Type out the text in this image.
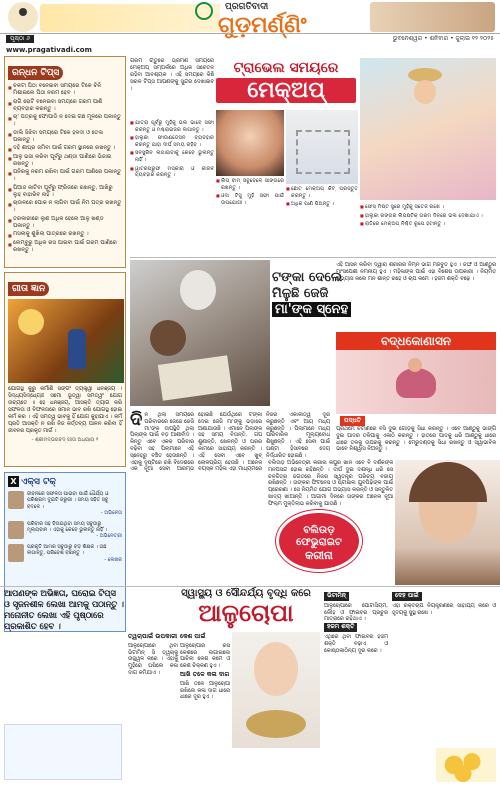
ପ୍ରଗତିବାଦୀ
ଗୁଡ଼ମର୍ଣ୍ଣିଂ
ପୃଷ୍ଠା ୬	ଭୁବନେଶ୍ୱର • ଶନିବାର • ଜୁଲାଇ ୧୨ ୨୦୨୫
www.pragativadi.com
ରନ୍ଧନ ଟିପ୍ସ
■ ଚକଟା ପିଠା ବନେଇବା ସମୟରେ ଟିକେ ଚିନି ମିଶାଇଲେ ପିଠା ନରମ ହେବ ।
■ ରାଗି ରୋଟି ବନେଇବା ସମୟରେ ଗରମ ପାଣି ବ୍ୟବହାର କରନ୍ତୁ ।
■ ଚା' ପତ୍ରକୁ ଫୋପାଡି ନ ଦେଇ ଗଛ ମୂଳରେ ପକାନ୍ତୁ ।
■ ଡାଲି ସିଝିବା ସମୟରେ ଟିକେ ହଳଦୀ ଓ ତେଲ ପକାନ୍ତୁ ।
■ ଦହି ଶୀଘ୍ର ଜମିବା ପାଇଁ ଗରମ ସ୍ଥାନରେ ରଖନ୍ତୁ ।
■ ଆଳୁ ଭଜା କରିବା ପୂର୍ବରୁ ଥଣ୍ଡା ପାଣିରେ ଭିଜାଇ ରଖନ୍ତୁ ।
■ ପନିରକୁ ନରମ ରଖିବା ପାଇଁ ଗରମ ପାଣିରେ ପକାନ୍ତୁ ।
■ ପିଆଜ କାଟିବା ପୂର୍ବରୁ ଫ୍ରିଜରେ ରଖନ୍ତୁ, ଆଖିରୁ ଲୁହ ବାହାରିବ ନାହିଁ ।
■ ଚାଉଳରେ ପୋକ ନ ଲାଗିବା ପାଇଁ ନିମ ପତ୍ର ରଖନ୍ତୁ ।
■ ତରକାରୀରେ ଲୁଣ ଅଧିକ ହେଲେ ଆଳୁ ଖଣ୍ଡ ପକାନ୍ତୁ ।
■ ମସଲାକୁ ଶୁଖିଲା ପାତ୍ରରେ ରଖନ୍ତୁ ।
■ ଲେମ୍ବୁରୁ ଅଧିକ ରସ ପାଇବା ପାଇଁ ଗରମ ପାଣିରେ ରଖନ୍ତୁ ।
ଗୀତା ଜ୍ଞାନ
ଯୋଗସ୍ଥ କୁରୁ କର୍ମାଣି ସଙ୍ଗଂ ତ୍ୟକ୍ତ୍ୱା ଧନଞ୍ଜୟ । ସିଦ୍ଧ୍ୟସିଦ୍ଧ୍ୟୋଃ ସମୋ ଭୂତ୍ୱା ସମତ୍ୱଂ ଯୋଗ ଉଚ୍ୟତେ ॥ ହେ ଧନଞ୍ଜୟ, ଆସକ୍ତି ତ୍ୟାଗ କରି ସଫଳତା ଓ ବିଫଳତାରେ ସମାନ ଭାବ ରଖି ଯୋଗସ୍ଥ ହୋଇ କର୍ମ କର । ଏହି ସମତ୍ୱ ଭାବକୁ ହିଁ ଯୋଗ କୁହାଯାଏ । କର୍ମ ପ୍ରତି ଆସକ୍ତି ନ ରଖି ନିଜ କର୍ତ୍ତବ୍ୟ ପାଳନ କରିବା ହିଁ ଜୀବନର ପ୍ରକୃତ ମାର୍ଗ ।
- ଶ୍ରୀମଦ୍ଭଗବଦ୍ ଗୀତା ଅଧ୍ୟାୟ ୨
X ଏକ୍ସ ଟକ୍
ଜୀବନରେ ସଫଳତା ପାଇବା ପାଇଁ ଧୈର୍ଯ୍ୟ ଓ ପରିଶ୍ରମ ଦୁଇଟି ଜରୁରୀ । ସମୟ ସହିତ ସବୁ ବଦଳେ ।
- ଅଭିନେତା
ପରିବାର ସହ ବିତାଇଥିବା ସମୟ ସବୁଠାରୁ ମୂଲ୍ୟବାନ । ଏହାକୁ କେବେ ଭୁଲନ୍ତୁ ନାହିଁ ।
- ଅଭିନେତ୍ରୀ
ପ୍ରକୃତି ଆମର ସବୁଠାରୁ ବଡ଼ ଶିକ୍ଷକ । ଗଛ ଲଗାନ୍ତୁ, ପରିବେଶ ବଞ୍ଚାନ୍ତୁ ।
- ଲେଖକ
ଗରମ ଋତୁରେ ଭ୍ରମଣ ସମୟରେ ମେକ୍ଅପ୍ ସମ୍ପର୍କରେ ଅଧିକ ସଚେତନ ରହିବା ଆବଶ୍ୟକ । ଏହି ସମୟରେ କିଛି ସରଳ ଟିପ୍ସ ଆପଣଙ୍କୁ ସୁନ୍ଦର ଦେଖାଇବ ।
ଟ୍ରାଭେଲ ସମୟରେ
ମେକ୍ଅପ୍
■ ଯାତ୍ରା ପୂର୍ବରୁ ମୁହଁକୁ ଭଲ ଭାବେ ସଫା କରନ୍ତୁ ଓ ମଶ୍ଚରାଇଜର ଲଗାନ୍ତୁ ।
■ ହାଲୁକା ଫାଉଣ୍ଡେସନ ବ୍ୟବହାର କରନ୍ତୁ ଯାହା ଦୀର୍ଘ ସମୟ ରହିବ ।
■ ସନସ୍କ୍ରିନ ଲଗାଇବାକୁ କେବେ ଭୁଲନ୍ତୁ ନାହିଁ ।
■ ୱାଟରପ୍ରୁଫ ମସ୍କାରା ଓ କାଜଳ ବ୍ୟବହାର କରନ୍ତୁ ।
■ ଲିପ୍ ବାମ୍ ସବୁବେଳେ ସାଙ୍ଗରେ ରଖନ୍ତୁ ।
■ ଓଦା ଟିସୁ ମୁହଁ ସଫା ପାଇଁ ଉପଯୋଗୀ ।
■ ଛୋଟ ମେକ୍ଅପ୍ କିଟ୍ ପ୍ରସ୍ତୁତ କରନ୍ତୁ ।
■ ଅଧିକ ପାଣି ପିଅନ୍ତୁ ।
■	ଫେସ୍ ମିଷ୍ଟ ସ୍ପ୍ରେ ମୁହଁକୁ ସତେଜ ରଖେ ।
■ ହାଲୁକା ରଙ୍ଗର ଲିପଷ୍ଟିକ୍ ଗରମ ଦିନରେ ଭଲ ଦେଖାଯାଏ ।
■ ରାତିରେ ମେକ୍ଅପ୍ ନିଶ୍ଚିତ ରୂପେ ହଟାନ୍ତୁ ।
ଟଙ୍କା ଦେଲେ
ମିଳୁଛି ଜେଜି
ମା'ଙ୍କ ସ୍ନେହ
ଦିନ ଥିଲା ସମୟରେ ପରିବାରରେ ଜେଜେ ଜେଜି ମା'ଙ୍କ ଉପସ୍ଥିତି ଥିଲା ପିଲାଙ୍କ ପାଇଁ ବଡ଼ ଆଶୀର୍ବାଦ । କିନ୍ତୁ ଏବେ ଏକକ ପରିବାର ବଢ଼ିବା ସହ ପିଲାମାନେ ଏହି ସ୍ନେହରୁ ବଞ୍ଚିତ ହେଉଛନ୍ତି । ଏହାକୁ ଦୃଷ୍ଟିରେ ରଖି ବିଦେଶରେ ଏକ ନୂଆ ସେବା ଆରମ୍ଭ ହୋଇଛି ଯେଉଁଥିରେ ଟଙ୍କା ଦେଇ ଜେଜି ମା'ଙ୍କୁ ଭଡ଼ାରେ ଅଣାଯାଉଛି । ଏମାନେ ପିଲାଙ୍କ ସହ ସମୟ ବିତାନ୍ତି, ଗପ ଶୁଣାନ୍ତି, ଖେଳନ୍ତି ଓ ଘରର କାମରେ ସାହାଯ୍ୟ କରନ୍ତି । ଏହି ସେବା ଏବେ ଖୁବ୍ ଲୋକପ୍ରିୟ ହେଉଛି । ଅନେକ ବୟସ୍କ ମହିଳା ଏହା ମାଧ୍ୟମରେ ନିଜର ଏକାକୀତ୍ୱ ଦୂର କରୁଛନ୍ତି ଏବଂ ଆୟ ମଧ୍ୟ କରୁଛନ୍ତି । ପିଲାମାନେ ମଧ୍ୟ ପାରିବାରିକ ମୂଲ୍ୟବୋଧ ଶିଖୁଛନ୍ତି । ଏହି ସେବା ପାଇଁ ଘଣ୍ଟା ହିସାବରେ ଦେୟ ନିର୍ଦ୍ଧାରିତ ହୋଇଛି ।
ଏହି ଆସନ କରିବା ଦ୍ୱାରା ଶରୀରର ନିମ୍ନ ଭାଗ ମଜବୁତ ହୁଏ । ଜଙ୍ଘ ଓ ଆଣ୍ଠୁର ମାଂସପେଶୀ ନମନୀୟ ହୁଏ । ମହିଳାଙ୍କ ପାଇଁ ଏହା ବିଶେଷ ଉପକାରୀ । ନିୟମିତ ଅଭ୍ୟାସ କଲେ ମନ ଶାନ୍ତ ରହେ ଓ ଚାପ କମେ । ହଜମ ଶକ୍ତି ବଢ଼େ ।
ବଦ୍ଧକୋଣାସନ
ପଦ୍ଧତି
ପ୍ରଥମେ ଚଟାଣରେ ବସି ଦୁଇ ଗୋଡ଼କୁ ସିଧା କରନ୍ତୁ । ଏବେ ଆଣ୍ଠୁକୁ ଭାଙ୍ଗି ଦୁଇ ପାଦର ତଳିପାକୁ ଏକାଠି କରନ୍ତୁ । ହାତରେ ପାଦକୁ ଧରି ଆଣ୍ଠୁକୁ ଧୀରେ ଧୀରେ ତଳକୁ ଉପରକୁ କରନ୍ତୁ । ମେରୁଦଣ୍ଡକୁ ସିଧା ରଖନ୍ତୁ ଓ ସ୍ୱାଭାବିକ ଭାବେ ନିଶ୍ୱାସ ନିଅନ୍ତୁ ।
ବଲିଉଡ଼ ଅଭିନେତ୍ରୀ କରୀନା କପୁର ଖାନ ଏବେ ବି ଦର୍ଶକଙ୍କ ମନପସନ୍ଦ ହୋଇ ରହିଛନ୍ତି । ଦୀର୍ଘ ଦୁଇ ଦଶନ୍ଧି ଧରି ସେ ଚଳଚ୍ଚିତ୍ର ଜଗତରେ ନିଜର ସ୍ୱତନ୍ତ୍ର ପରିଚୟ ବଜାୟ ରଖିଛନ୍ତି । ତାଙ୍କର ଫିଟନେସ ଓ ଷ୍ଟାଇଲ ଯୁବପିଢ଼ିଙ୍କ ପାଇଁ ପ୍ରେରଣା । ସେ ନିୟମିତ ଯୋଗ ଅଭ୍ୟାସ କରନ୍ତି ଓ ସନ୍ତୁଳିତ ଖାଦ୍ୟ ଖାଆନ୍ତି । ଆଗାମୀ ଦିନରେ ତାଙ୍କର ଅନେକ ନୂଆ ଫିଲ୍ମ ମୁକ୍ତିଲାଭ କରିବାକୁ ଯାଉଛି ।
ବଲିଉଡ଼
ଫେଭୁରାଇଟ
କରୀନା
ଆପଣଙ୍କ ଅଭିଜ୍ଞତା, ଘରୋଇ ଟିପ୍ସ ଓ ସୃଜନଶୀଳ ଲେଖା ଆମକୁ ପଠାନ୍ତୁ । ମନୋନୀତ ଲେଖା ଏହି ପୃଷ୍ଠାରେ ପ୍ରକାଶିତ ହେବ ।
ସ୍ୱାସ୍ଥ୍ୟ ଓ ସୌନ୍ଦର୍ଯ୍ୟ ବୃଦ୍ଧି କରେ
ଆଳୁଚୋପା
ତ୍ୱଚାପାଇଁ ଉପକାରୀ
ଆଳୁଚୋପାରେ ଥିବା ଭିଟାମିନ୍ ସି ତ୍ୱଚାକୁ ଉଜ୍ଜ୍ୱଳ କରେ । ଏହାକୁ ମୁହଁରେ ଘଷିଲେ କଳା ଦାଗ କମିଯାଏ ।
କେଶ ପାଇଁ
ଆଳୁଚୋପାର ରସ କେଶରେ ଲଗାଇଲେ ପାଚିଲା କେଶ କମେ ଓ କେଶ ଚିକ୍କଣ ହୁଏ ।
ଆଖି ତଳେ କଳା ଦାଗ
ଆଖି ତଳେ ଆଳୁଚୋପା ରଖିଲେ କଳା ଦାଗ ଧୀରେ ଧୀରେ ଦୂର ହୁଏ ।
ଭିଟାମିନ୍
ଆଳୁଚୋପାରେ ପୋଟାସିୟମ, ଲୌହ ଓ ଫାଇବର ପ୍ରଚୁର ମାତ୍ରାରେ ରହିଥାଏ ।
ହଜମ ଶକ୍ତି
ଏଥିରେ ଥିବା ଫାଇବର ହଜମ ଶକ୍ତି ବଢ଼ାଏ ଓ କୋଷ୍ଠକାଠିନ୍ୟ ଦୂର କରେ ।
ଦେହ ପାଇଁ
ଏହା ରକ୍ତଚାପ ନିୟନ୍ତ୍ରଣରେ ସାହାଯ୍ୟ କରେ ଓ ହୃଦୟକୁ ସୁସ୍ଥ ରଖେ ।
